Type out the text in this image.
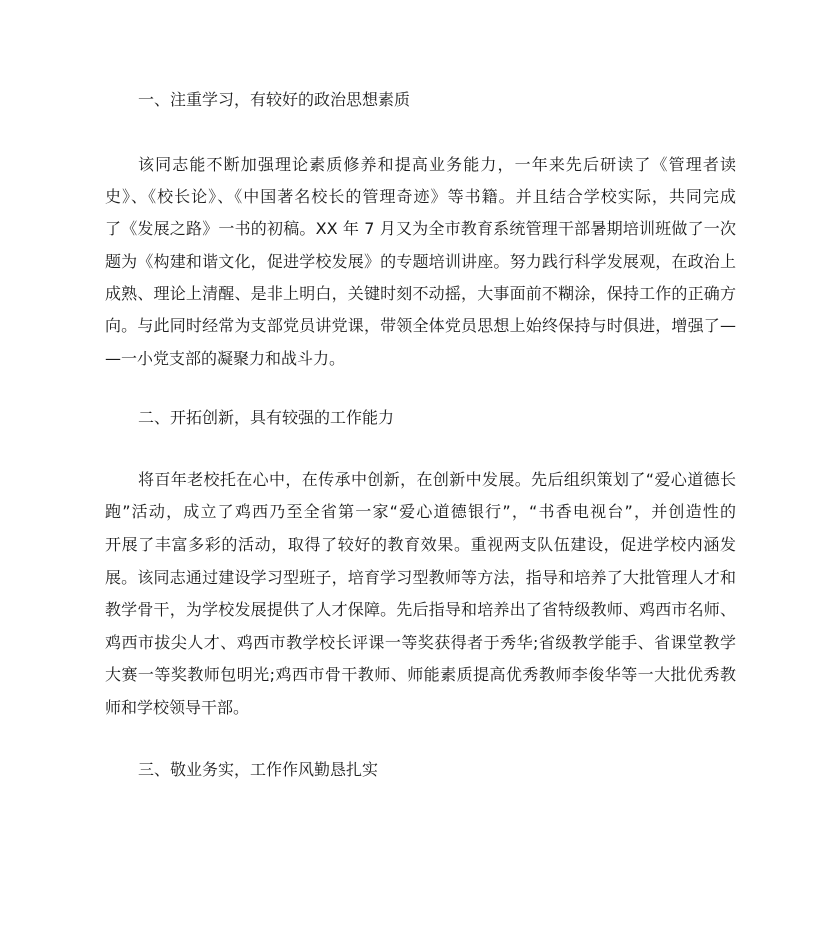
一、注重学习，有较好的政治思想素质
该同志能不断加强理论素质修养和提高业务能力，一年来先后研读了《管理者读
史》、《校长论》、《中国著名校长的管理奇迹》等书籍。并且结合学校实际，共同完成
了《发展之路》一书的初稿。XX 年 7 月又为全市教育系统管理干部暑期培训班做了一次
题为《构建和谐文化，促进学校发展》的专题培训讲座。努力践行科学发展观，在政治上
成熟、理论上清醒、是非上明白，关键时刻不动摇，大事面前不糊涂，保持工作的正确方
向。与此同时经常为支部党员讲党课，带领全体党员思想上始终保持与时俱进，增强了—
—一小党支部的凝聚力和战斗力。
二、开拓创新，具有较强的工作能力
将百年老校托在心中，在传承中创新，在创新中发展。先后组织策划了“爱心道德长
跑”活动，成立了鸡西乃至全省第一家“爱心道德银行”，“书香电视台”，并创造性的
开展了丰富多彩的活动，取得了较好的教育效果。重视两支队伍建设，促进学校内涵发
展。该同志通过建设学习型班子，培育学习型教师等方法，指导和培养了大批管理人才和
教学骨干，为学校发展提供了人才保障。先后指导和培养出了省特级教师、鸡西市名师、
鸡西市拔尖人才、鸡西市教学校长评课一等奖获得者于秀华;省级教学能手、省课堂教学
大赛一等奖教师包明光;鸡西市骨干教师、师能素质提高优秀教师李俊华等一大批优秀教
师和学校领导干部。
三、敬业务实，工作作风勤恳扎实
